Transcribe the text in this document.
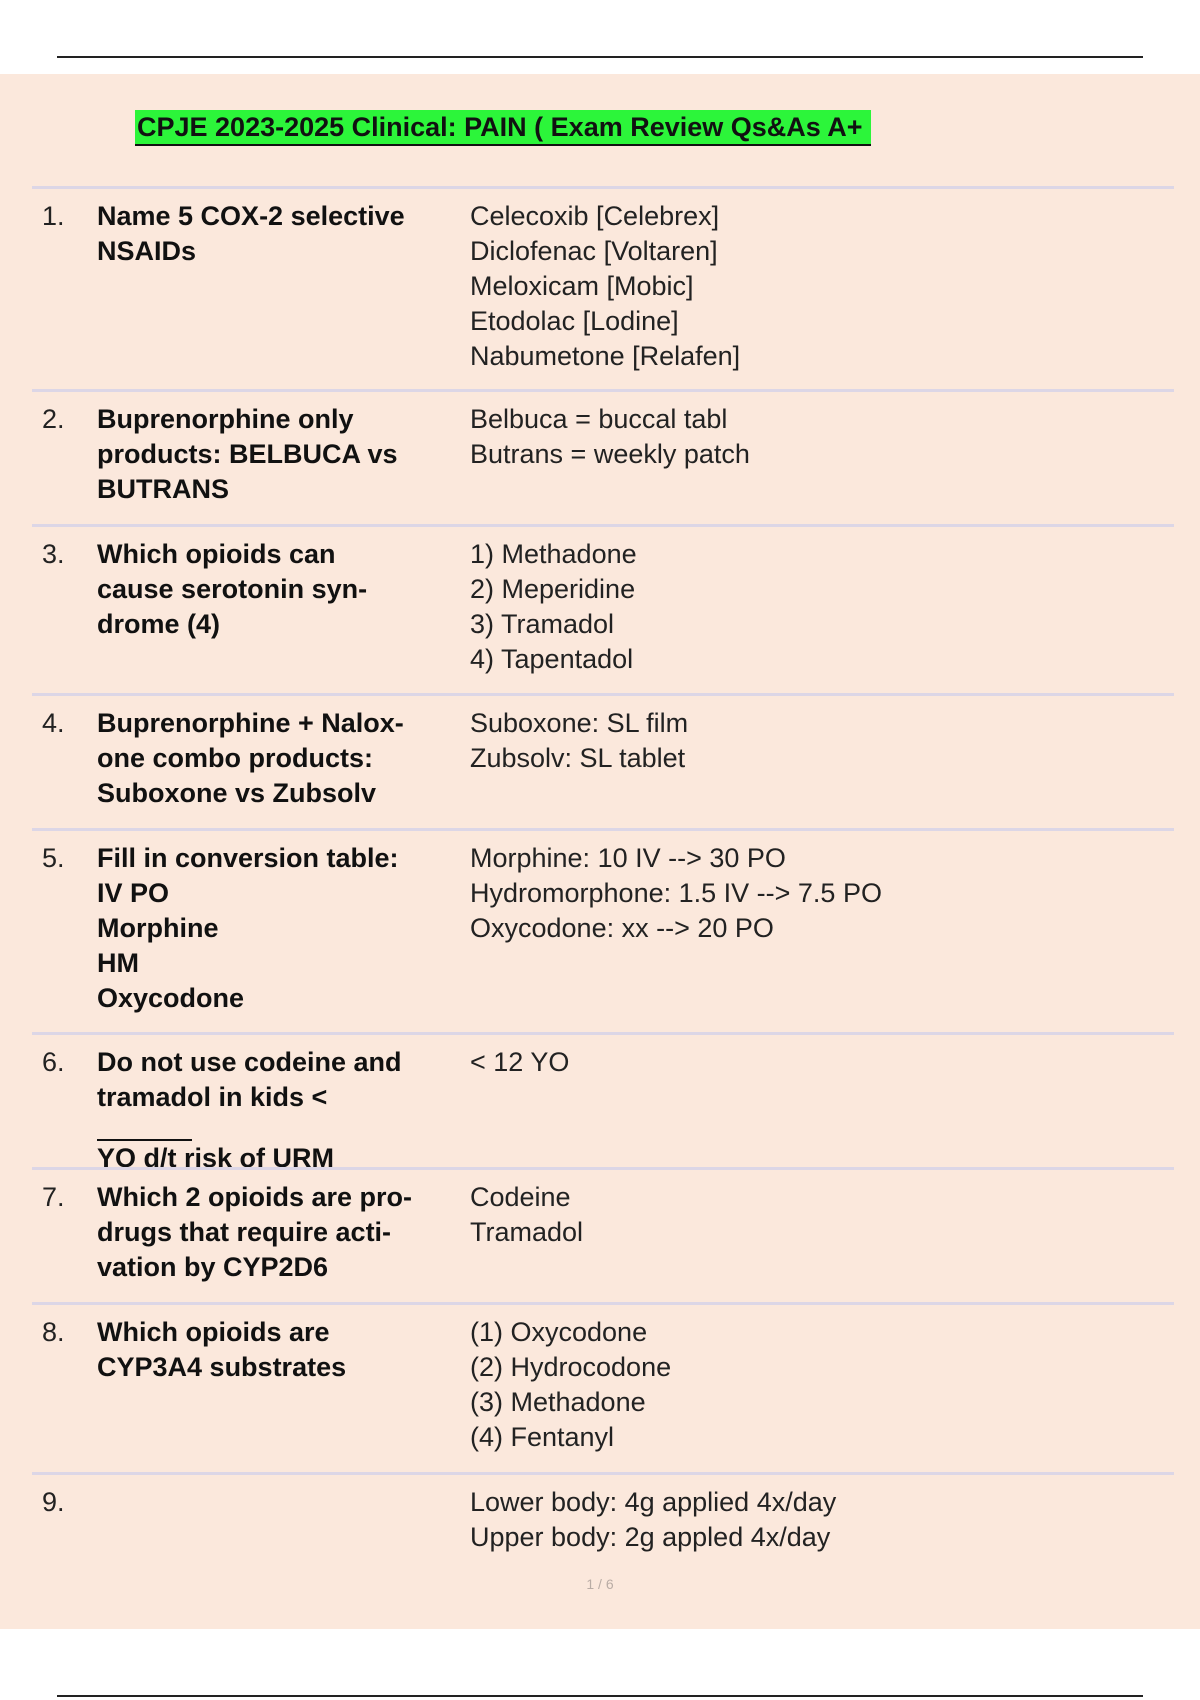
CPJE 2023-2025 Clinical: PAIN ( Exam Review Qs&As A+
1. Name 5 COX-2 selective
NSAIDs
Celecoxib [Celebrex]
Diclofenac [Voltaren]
Meloxicam [Mobic]
Etodolac [Lodine]
Nabumetone [Relafen]
2. Buprenorphine only
products: BELBUCA vs
BUTRANS
Belbuca = buccal tabl
Butrans = weekly patch
3. Which opioids can
cause serotonin syn-
drome (4)
1) Methadone
2) Meperidine
3) Tramadol
4) Tapentadol
4. Buprenorphine + Nalox-
one combo products:
Suboxone vs Zubsolv
Suboxone: SL film
Zubsolv: SL tablet
5. Fill in conversion table:
IV PO
Morphine
HM
Oxycodone
Morphine: 10 IV --> 30 PO
Hydromorphone: 1.5 IV --> 7.5 PO
Oxycodone: xx --> 20 PO
6. Do not use codeine and
tramadol in kids <
YO d/t risk of URM
< 12 YO
7. Which 2 opioids are pro-
drugs that require acti-
vation by CYP2D6
Codeine
Tramadol
8. Which opioids are
CYP3A4 substrates
(1) Oxycodone
(2) Hydrocodone
(3) Methadone
(4) Fentanyl
9.	Lower body: 4g applied 4x/day
Upper body: 2g appled 4x/day
1 / 6
